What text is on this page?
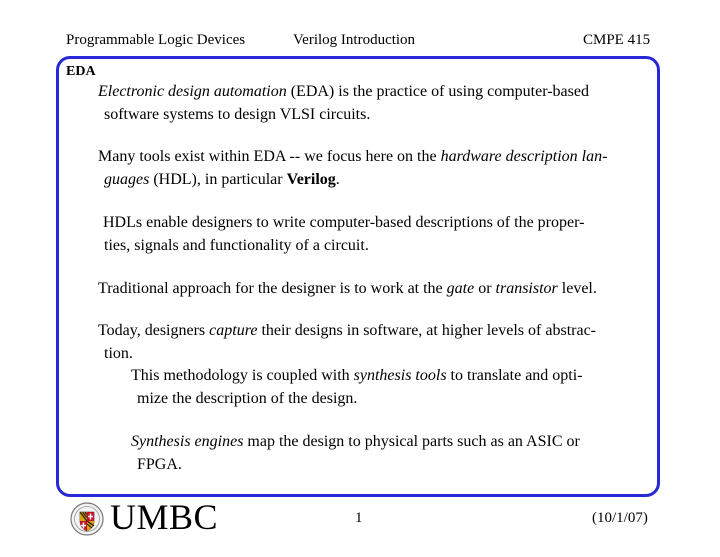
Programmable Logic Devices	Verilog Introduction	CMPE 415
EDA
Electronic design automation (EDA) is the practice of using computer-based
software systems to design VLSI circuits.
Many tools exist within EDA -- we focus here on the hardware description lan-
guages (HDL), in particular Verilog.
HDLs enable designers to write computer-based descriptions of the proper-
ties, signals and functionality of a circuit.
Traditional approach for the designer is to work at the gate or transistor level.
Today, designers capture their designs in software, at higher levels of abstrac-
tion.
This methodology is coupled with synthesis tools to translate and opti-
mize the description of the design.
Synthesis engines map the design to physical parts such as an ASIC or
FPGA.
UMBC	1	(10/1/07)
